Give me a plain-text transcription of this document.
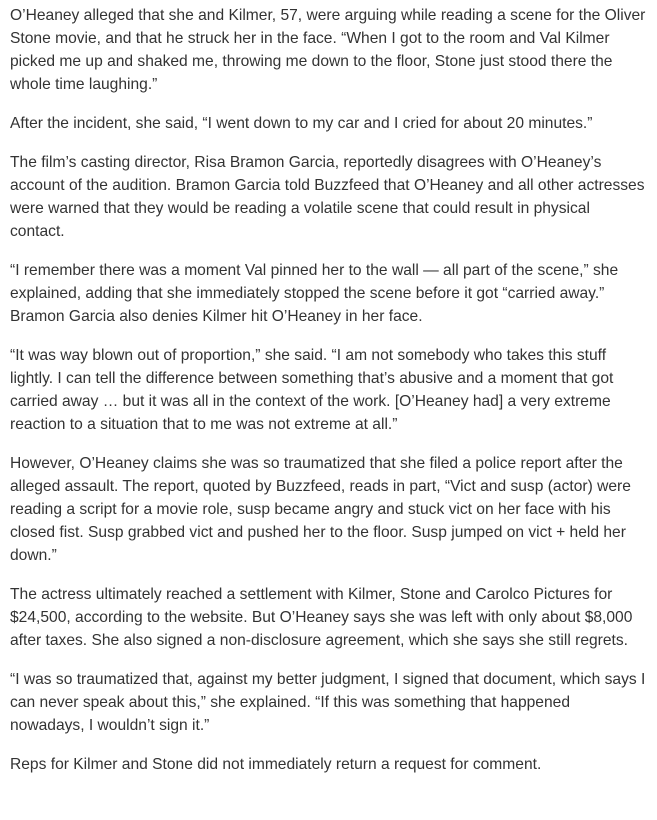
O’Heaney alleged that she and Kilmer, 57, were arguing while reading a scene for the Oliver Stone movie, and that he struck her in the face. “When I got to the room and Val Kilmer picked me up and shaked me, throwing me down to the floor, Stone just stood there the whole time laughing.”

After the incident, she said, “I went down to my car and I cried for about 20 minutes.”

The film’s casting director, Risa Bramon Garcia, reportedly disagrees with O’Heaney’s account of the audition. Bramon Garcia told Buzzfeed that O’Heaney and all other actresses were warned that they would be reading a volatile scene that could result in physical contact.

“I remember there was a moment Val pinned her to the wall — all part of the scene,” she explained, adding that she immediately stopped the scene before it got “carried away.” Bramon Garcia also denies Kilmer hit O’Heaney in her face.

“It was way blown out of proportion,” she said. “I am not somebody who takes this stuff lightly. I can tell the difference between something that’s abusive and a moment that got carried away … but it was all in the context of the work. [O’Heaney had] a very extreme reaction to a situation that to me was not extreme at all.”

However, O’Heaney claims she was so traumatized that she filed a police report after the alleged assault. The report, quoted by Buzzfeed, reads in part, “Vict and susp (actor) were reading a script for a movie role, susp became angry and stuck vict on her face with his closed fist. Susp grabbed vict and pushed her to the floor. Susp jumped on vict + held her down.”

The actress ultimately reached a settlement with Kilmer, Stone and Carolco Pictures for $24,500, according to the website. But O’Heaney says she was left with only about $8,000 after taxes. She also signed a non-disclosure agreement, which she says she still regrets.

“I was so traumatized that, against my better judgment, I signed that document, which says I can never speak about this,” she explained. “If this was something that happened nowadays, I wouldn’t sign it.”

Reps for Kilmer and Stone did not immediately return a request for comment.
